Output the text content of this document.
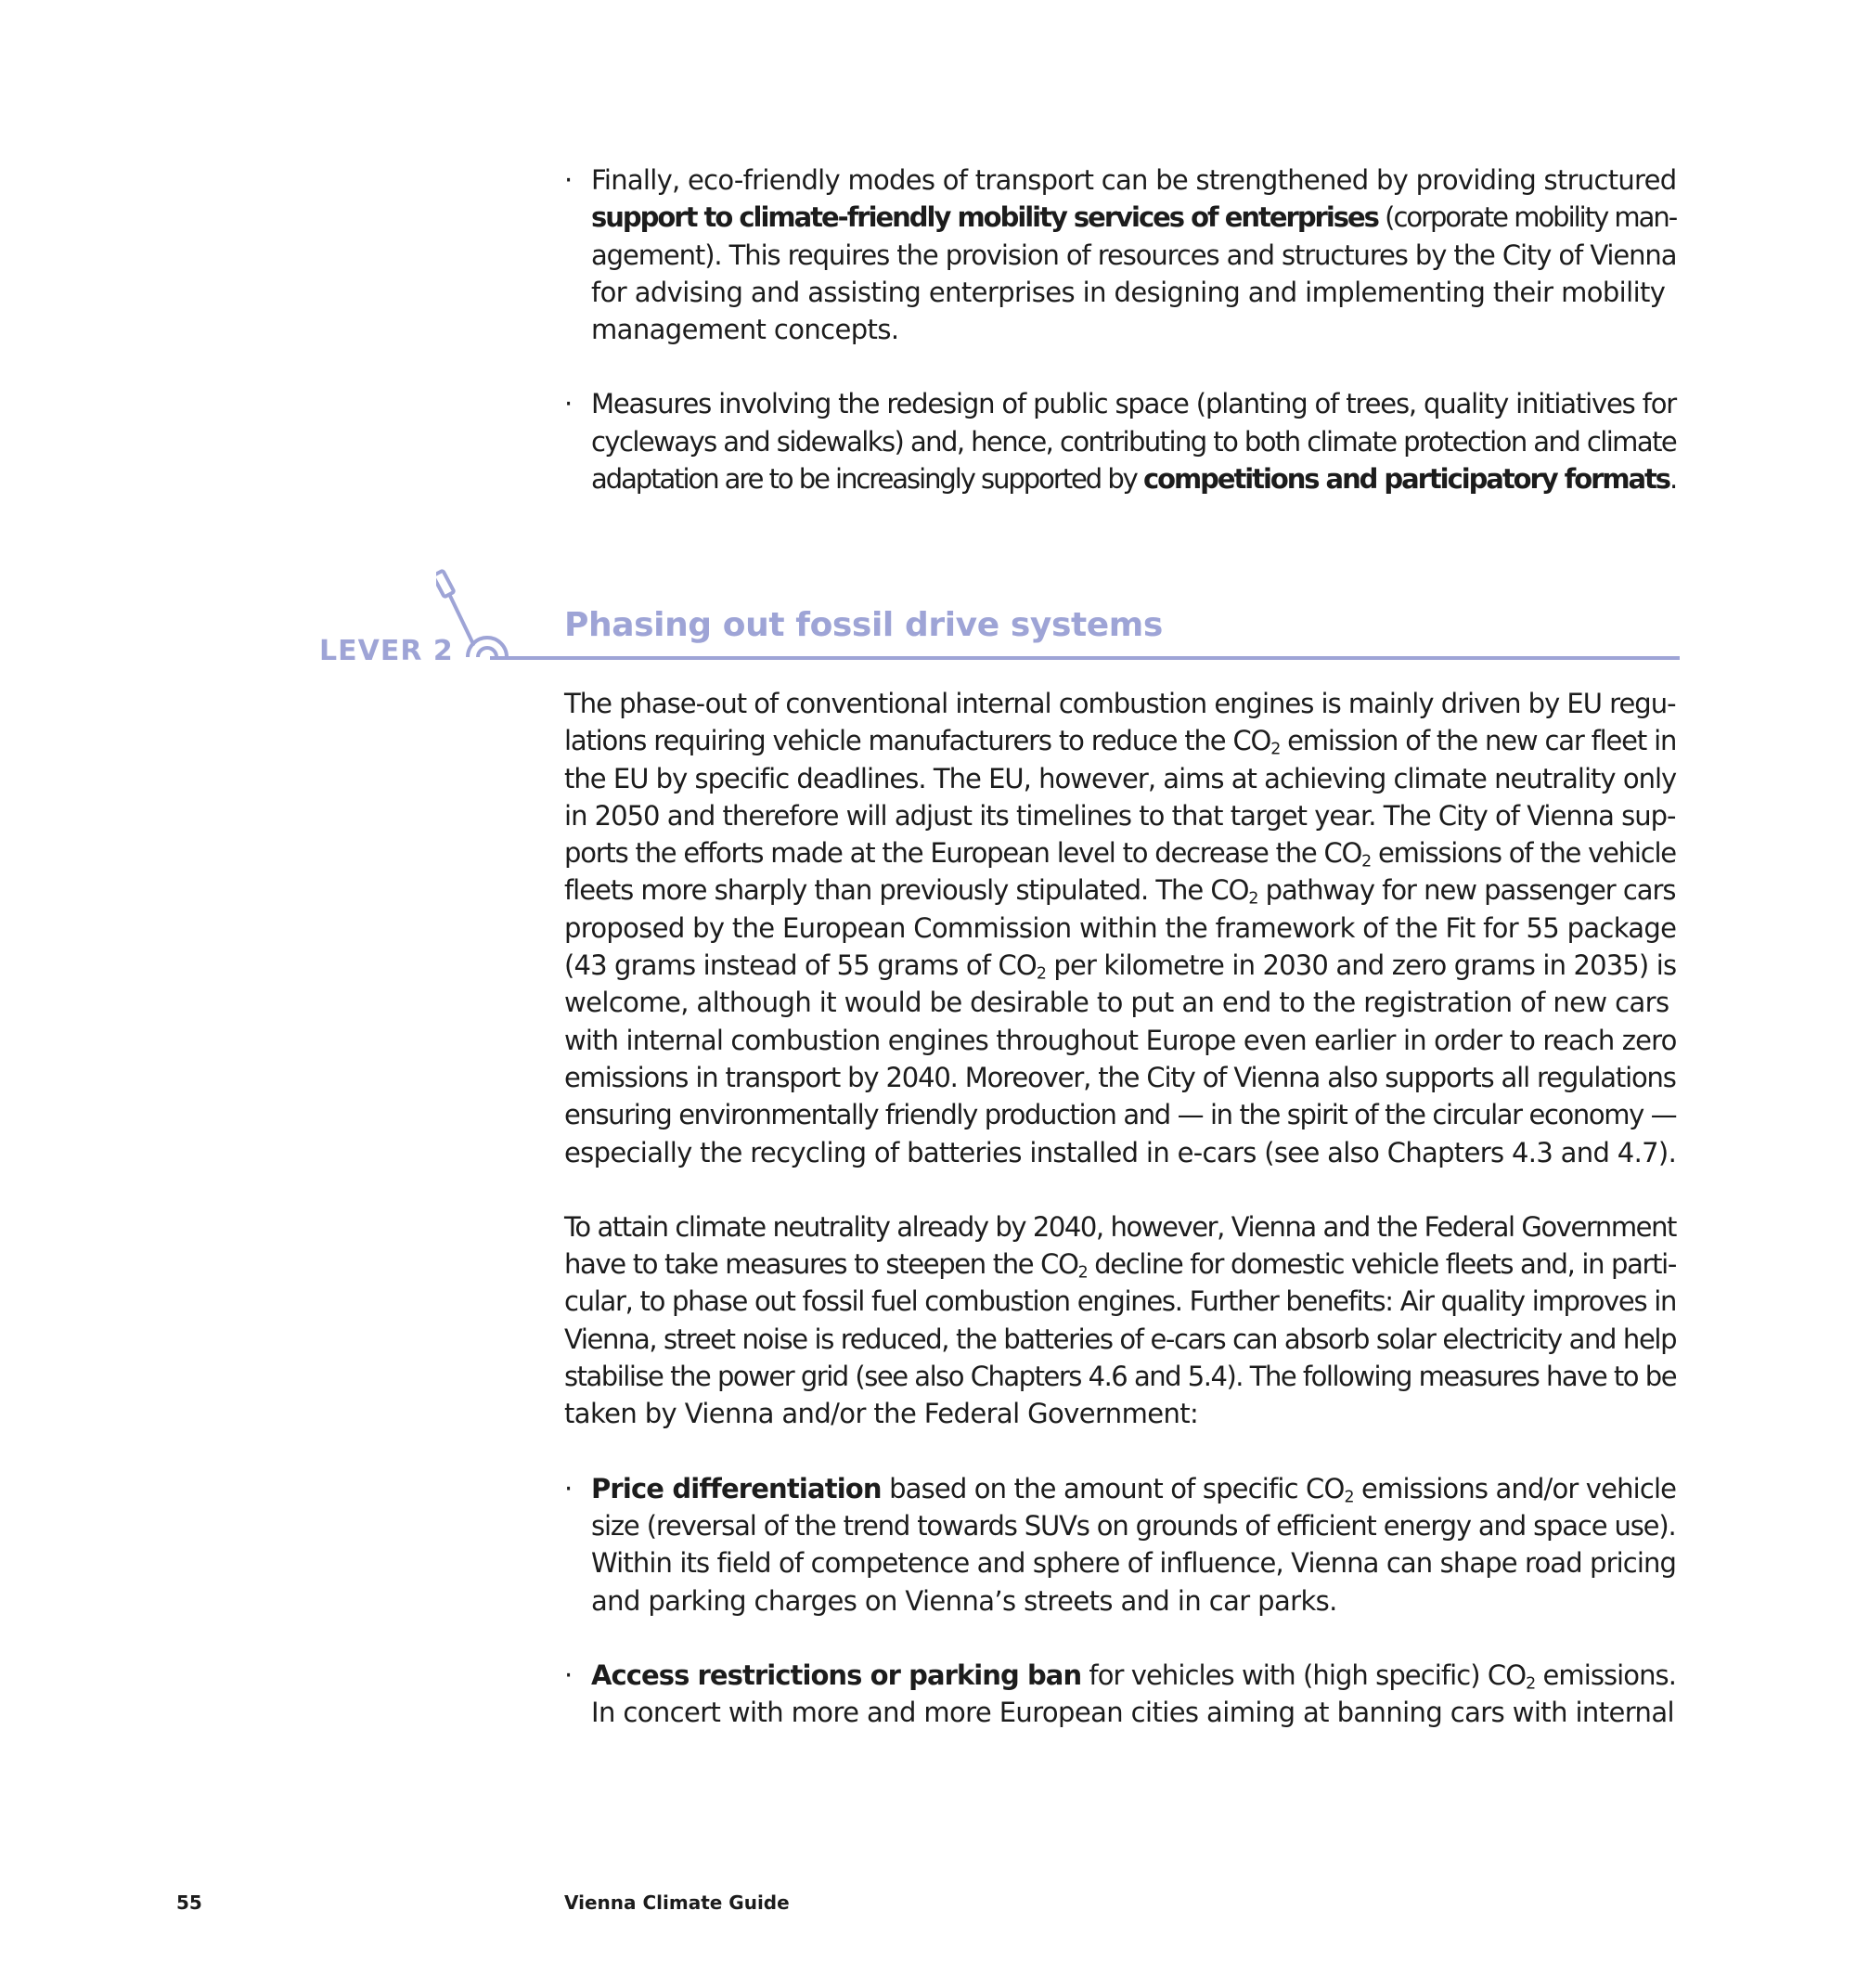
· Finally, eco-friendly modes of transport can be strengthened by providing structured
support to climate-friendly mobility services of enterprises (corporate mobility man-
agement). This requires the provision of resources and structures by the City of Vienna
for advising and assisting enterprises in designing and implementing their mobility
management concepts.
· Measures involving the redesign of public space (planting of trees, quality initiatives for
cycleways and sidewalks) and, hence, contributing to both climate protection and climate
adaptation are to be increasingly supported by competitions and participatory formats.
LEVER 2
Phasing out fossil drive systems
The phase-out of conventional internal combustion engines is mainly driven by EU regu-
lations requiring vehicle manufacturers to reduce the $CO_2$ emission of the new car fleet in
the EU by specific deadlines. The EU, however, aims at achieving climate neutrality only
in 2050 and therefore will adjust its timelines to that target year. The City of Vienna sup-
ports the efforts made at the European level to decrease the $CO_2$ emissions of the vehicle
fleets more sharply than previously stipulated. The $CO_2$ pathway for new passenger cars
proposed by the European Commission within the framework of the Fit for 55 package
(43 grams instead of 55 grams of $CO_2$ per kilometre in 2030 and zero grams in 2035) is
welcome, although it would be desirable to put an end to the registration of new cars
with internal combustion engines throughout Europe even earlier in order to reach zero
emissions in transport by 2040. Moreover, the City of Vienna also supports all regulations
ensuring environmentally friendly production and — in the spirit of the circular economy —
especially the recycling of batteries installed in e-cars (see also Chapters 4.3 and 4.7).
To attain climate neutrality already by 2040, however, Vienna and the Federal Government
have to take measures to steepen the $CO_2$ decline for domestic vehicle fleets and, in parti-
cular, to phase out fossil fuel combustion engines. Further benefits: Air quality improves in
Vienna, street noise is reduced, the batteries of e-cars can absorb solar electricity and help
stabilise the power grid (see also Chapters 4.6 and 5.4). The following measures have to be
taken by Vienna and/or the Federal Government:
· Price differentiation based on the amount of specific $CO_2$ emissions and/or vehicle
size (reversal of the trend towards SUVs on grounds of efficient energy and space use).
Within its field of competence and sphere of influence, Vienna can shape road pricing
and parking charges on Vienna’s streets and in car parks.
· Access restrictions or parking ban for vehicles with (high specific) $CO_2$ emissions.
In concert with more and more European cities aiming at banning cars with internal
55	Vienna Climate Guide
